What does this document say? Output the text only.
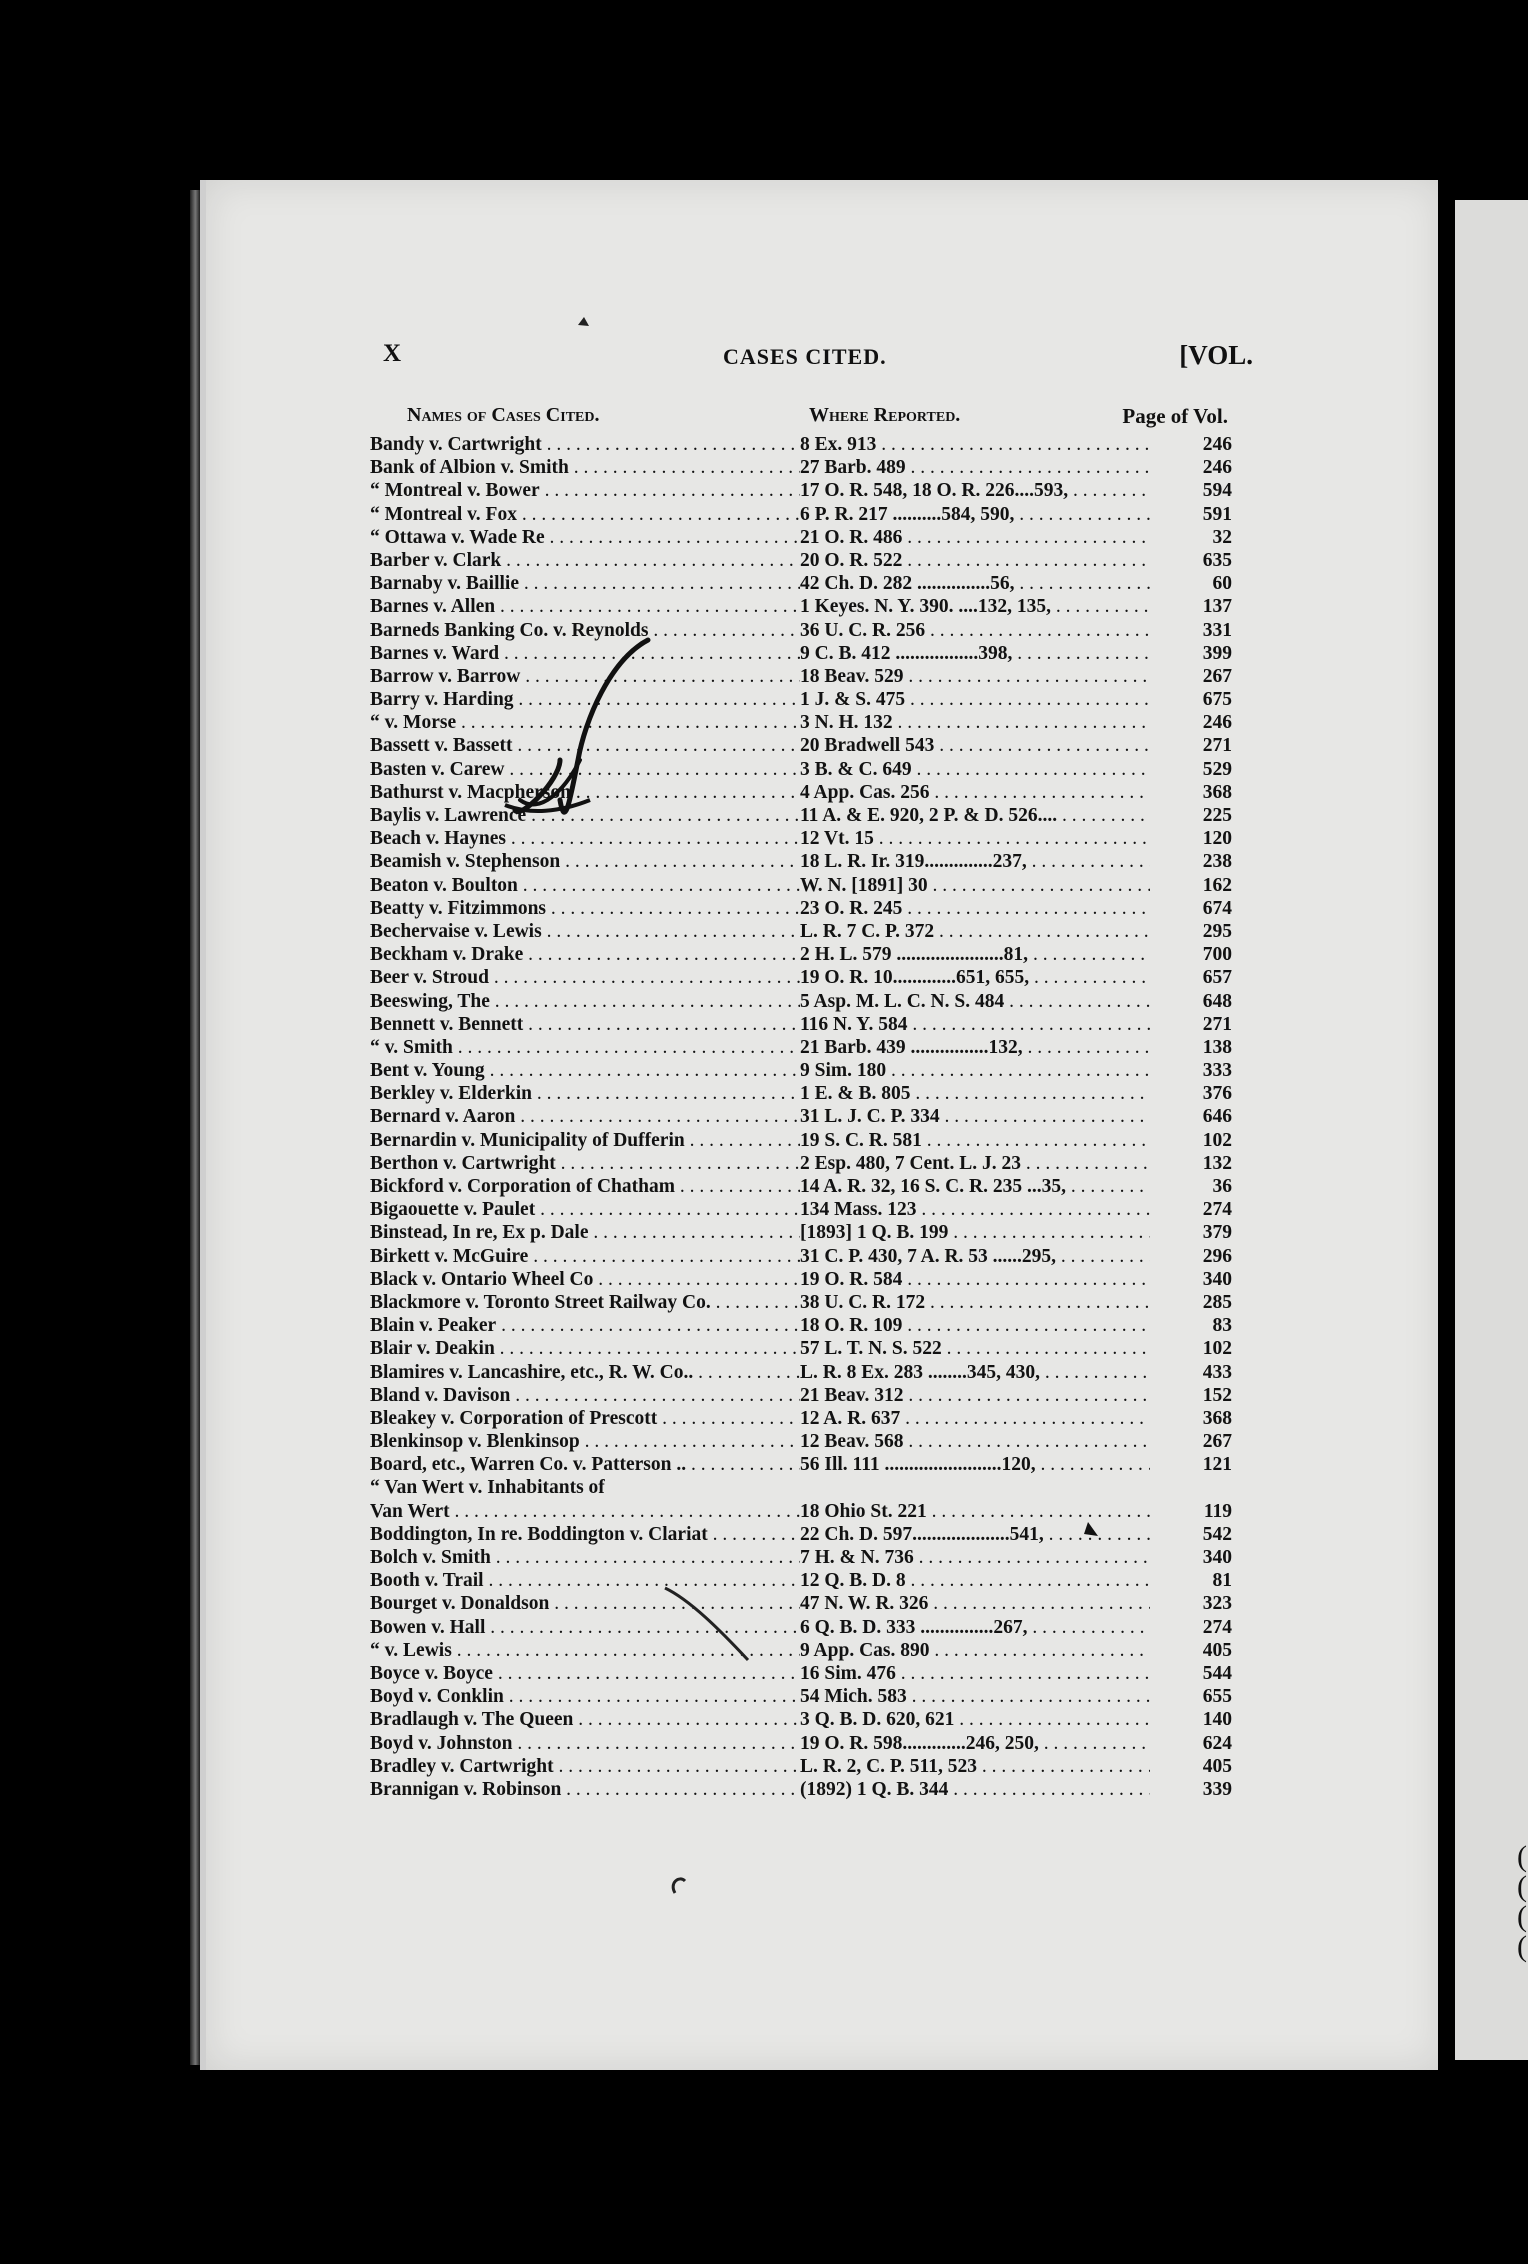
(
(
(
(
X	CASES CITED.	[VOL.
Names of Cases Cited.	Where Reported.	Page of Vol.
Bandy v. Cartwright . . .	8 Ex. 913 . . .	246
Bank of Albion v. Smith . . .	27 Barb. 489 . . .	246
“ Montreal v. Bower . . .	17 O. R. 548, 18 O. R. 226....593, . . .	594
“ Montreal v. Fox . . .	6 P. R. 217 ..........584, 590, . . .	591
“ Ottawa v. Wade Re . . .	21 O. R. 486 . . .	32
Barber v. Clark . . .	20 O. R. 522 . . .	635
Barnaby v. Baillie . . .	42 Ch. D. 282 ...............56, . . .	60
Barnes v. Allen . . .	1 Keyes. N. Y. 390. ....132, 135, . . .	137
Barneds Banking Co. v. Reynolds . . .	36 U. C. R. 256 . . .	331
Barnes v. Ward . . .	9 C. B. 412 .................398, . . .	399
Barrow v. Barrow . . .	18 Beav. 529 . . .	267
Barry v. Harding . . .	1 J. & S. 475 . . .	675
“ v. Morse . . .	3 N. H. 132 . . .	246
Bassett v. Bassett . . .	20 Bradwell 543 . . .	271
Basten v. Carew . . .	3 B. & C. 649 . . .	529
Bathurst v. Macpherson . . .	4 App. Cas. 256 . . .	368
Baylis v. Lawrence . . .	11 A. & E. 920, 2 P. & D. 526.... . . .	225
Beach v. Haynes . . .	12 Vt. 15 . . .	120
Beamish v. Stephenson . . .	18 L. R. Ir. 319..............237, . . .	238
Beaton v. Boulton . . .	W. N. [1891] 30 . . .	162
Beatty v. Fitzimmons . . .	23 O. R. 245 . . .	674
Bechervaise v. Lewis . . .	L. R. 7 C. P. 372 . . .	295
Beckham v. Drake . . .	2 H. L. 579 ......................81, . . .	700
Beer v. Stroud . . .	19 O. R. 10.............651, 655, . . .	657
Beeswing, The . . .	5 Asp. M. L. C. N. S. 484 . . .	648
Bennett v. Bennett . . .	116 N. Y. 584 . . .	271
“ v. Smith . . .	21 Barb. 439 ................132, . . .	138
Bent v. Young . . .	9 Sim. 180 . . .	333
Berkley v. Elderkin . . .	1 E. & B. 805 . . .	376
Bernard v. Aaron . . .	31 L. J. C. P. 334 . . .	646
Bernardin v. Municipality of Dufferin . . .	19 S. C. R. 581 . . .	102
Berthon v. Cartwright . . .	2 Esp. 480, 7 Cent. L. J. 23 . . .	132
Bickford v. Corporation of Chatham . . .	14 A. R. 32, 16 S. C. R. 235 ...35, . . .	36
Bigaouette v. Paulet . . .	134 Mass. 123 . . .	274
Binstead, In re, Ex p. Dale . . .	[1893] 1 Q. B. 199 . . .	379
Birkett v. McGuire . . .	31 C. P. 430, 7 A. R. 53 ......295, . . .	296
Black v. Ontario Wheel Co . . .	19 O. R. 584 . . .	340
Blackmore v. Toronto Street Railway Co. . . .	38 U. C. R. 172 . . .	285
Blain v. Peaker . . .	18 O. R. 109 . . .	83
Blair v. Deakin . . .	57 L. T. N. S. 522 . . .	102
Blamires v. Lancashire, etc., R. W. Co.. . . .	L. R. 8 Ex. 283 ........345, 430, . . .	433
Bland v. Davison . . .	21 Beav. 312 . . .	152
Bleakey v. Corporation of Prescott . . .	12 A. R. 637 . . .	368
Blenkinsop v. Blenkinsop . . .	12 Beav. 568 . . .	267
Board, etc., Warren Co. v. Patterson .. . . .	56 Ill. 111 ........................120, . . .	121
“ Van Wert v. Inhabitants of
Van Wert . . .	18 Ohio St. 221 . . .	119
Boddington, In re. Boddington v. Clariat . . .	22 Ch. D. 597....................541, . . .	542
Bolch v. Smith . . .	7 H. & N. 736 . . .	340
Booth v. Trail . . .	12 Q. B. D. 8 . . .	81
Bourget v. Donaldson . . .	47 N. W. R. 326 . . .	323
Bowen v. Hall . . .	6 Q. B. D. 333 ...............267, . . .	274
“ v. Lewis . . .	9 App. Cas. 890 . . .	405
Boyce v. Boyce . . .	16 Sim. 476 . . .	544
Boyd v. Conklin . . .	54 Mich. 583 . . .	655
Bradlaugh v. The Queen . . .	3 Q. B. D. 620, 621 . . .	140
Boyd v. Johnston . . .	19 O. R. 598.............246, 250, . . .	624
Bradley v. Cartwright . . .	L. R. 2, C. P. 511, 523 . . .	405
Brannigan v. Robinson . . .	(1892) 1 Q. B. 344 . . .	339
